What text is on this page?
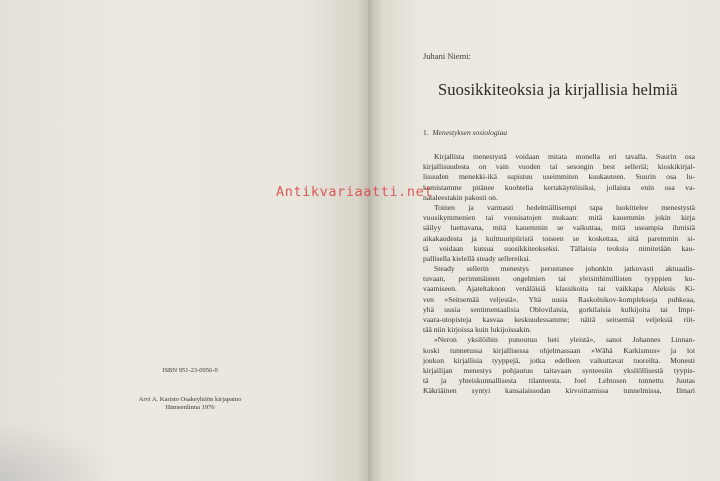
ISBN 951-23-0956-0
Arvi A. Karisto Osakeyhtiön kirjapaino
Hämeenlinna 1976
Juhani Niemi:
Suosikkiteoksia ja kirjallisia helmiä
1. Menestyksen sosiologiaa
Kirjallista menestystä voidaan mitata monella eri tavalla. Suurin osa
kirjallisuudesta on vain vuoden tai sesongin best selleriä; kioskikirjal-
lisuuden menekki-ikä supistuu useimmiten kuukauteen. Suurin osa lu-
kemistamme pitänee kuohtelia kertakäyttöisiksi, jollaista enin osa va-
nataleestakin pakosti on.
Toinen ja varmasti hedelmällisempi tapa luokittelee menestystä
vuosikymmenien tai vuosisatojen mukaan: mitä kauemmin jokin kirja
säilyy luettavana, mitä kauemmin se vaikuttaa, mitä useampia ihmisiä
aikakaudesta ja kulttuuripiiristä toiseen se koskettaa, sitä paremmin si-
tä voidaan kutsua suosikkiteokseksi. Tällaisia teoksia nimitetään kau-
pallisella kielellä steady sellereiksi.
Steady sellerin menestys perustunee johonkin jatkuvasti aktuaalis-
tuvaan, perimmäisten ongelmien tai yleisinhimillisten tyyppien ku-
vaamiseen. Ajateltakoon venäläisiä klassikoita tai vaikkapa Aleksis Ki-
ven »Seitsemää veljestä». Yhä uusia Raskolnikov-komplekseja puhkeaa,
yhä uusia sentimentaalisia Oblovilaisia, gorkilaisia kulkijoita tai Impi-
vaara-utopisteja kasvaa keskuudessamme; näitä seitsemiä veljeksiä riit-
tää niin kirjoissa kuin lukijoissakin.
»Neron yksilöihin punoutuu heti yleistä», sanoi Johannes Linnan-
koski tunnetussa kirjallisessa ohjelmassaan »Wähä Karkismus» ja loi
joukon kirjallisia tyyppejä, jotka edelleen vaikuttavat tuoreilta. Monesti
kirjailijan menestys pohjautuu taitavaan synteesiin yksilöllisestä tyypis-
tä ja yhteiskunnallisesta tilanteesta. Joel Lehtosen tunnettu Juutas
Käkriäinen syntyi kansalaissodan kirvoittamissa tunnelmissa, Ilmari
Antikvariaatti.net
